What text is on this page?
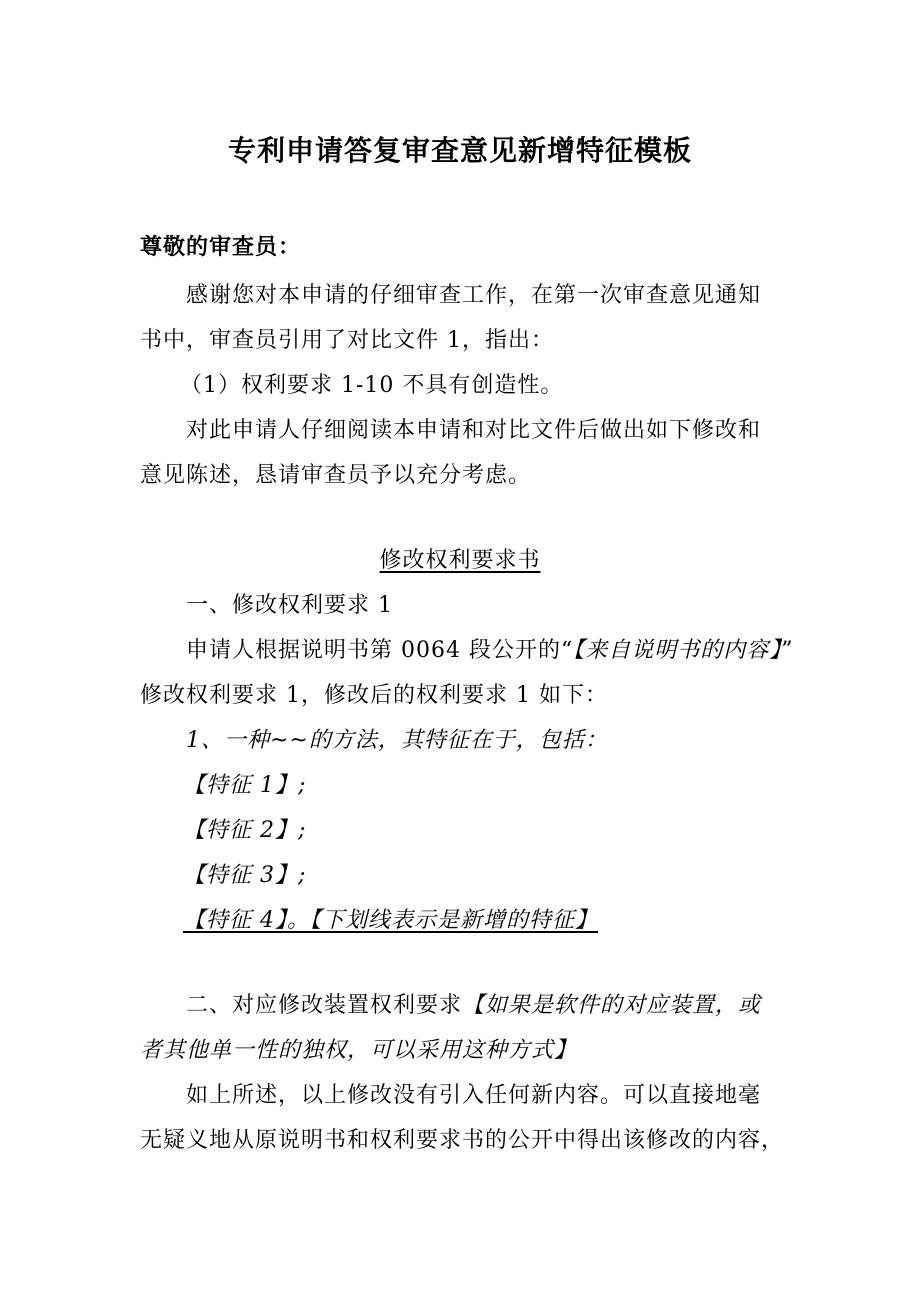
专利申请答复审查意见新增特征模板
尊敬的审查员：
感谢您对本申请的仔细审查工作，在第一次审查意见通知
书中，审查员引用了对比文件 1，指出：
（1）权利要求 1-10 不具有创造性。
对此申请人仔细阅读本申请和对比文件后做出如下修改和
意见陈述，恳请审查员予以充分考虑。
修改权利要求书
一、修改权利要求 1
申请人根据说明书第 0064 段公开的“【来自说明书的内容】”
修改权利要求 1，修改后的权利要求 1 如下：
1、一种~~的方法，其特征在于，包括：
【特征 1】;
【特征 2】;
【特征 3】;
【特征 4】。【下划线表示是新增的特征】
二、对应修改装置权利要求【如果是软件的对应装置，或
者其他单一性的独权，可以采用这种方式】
如上所述，以上修改没有引入任何新内容。可以直接地毫
无疑义地从原说明书和权利要求书的公开中得出该修改的内容，
